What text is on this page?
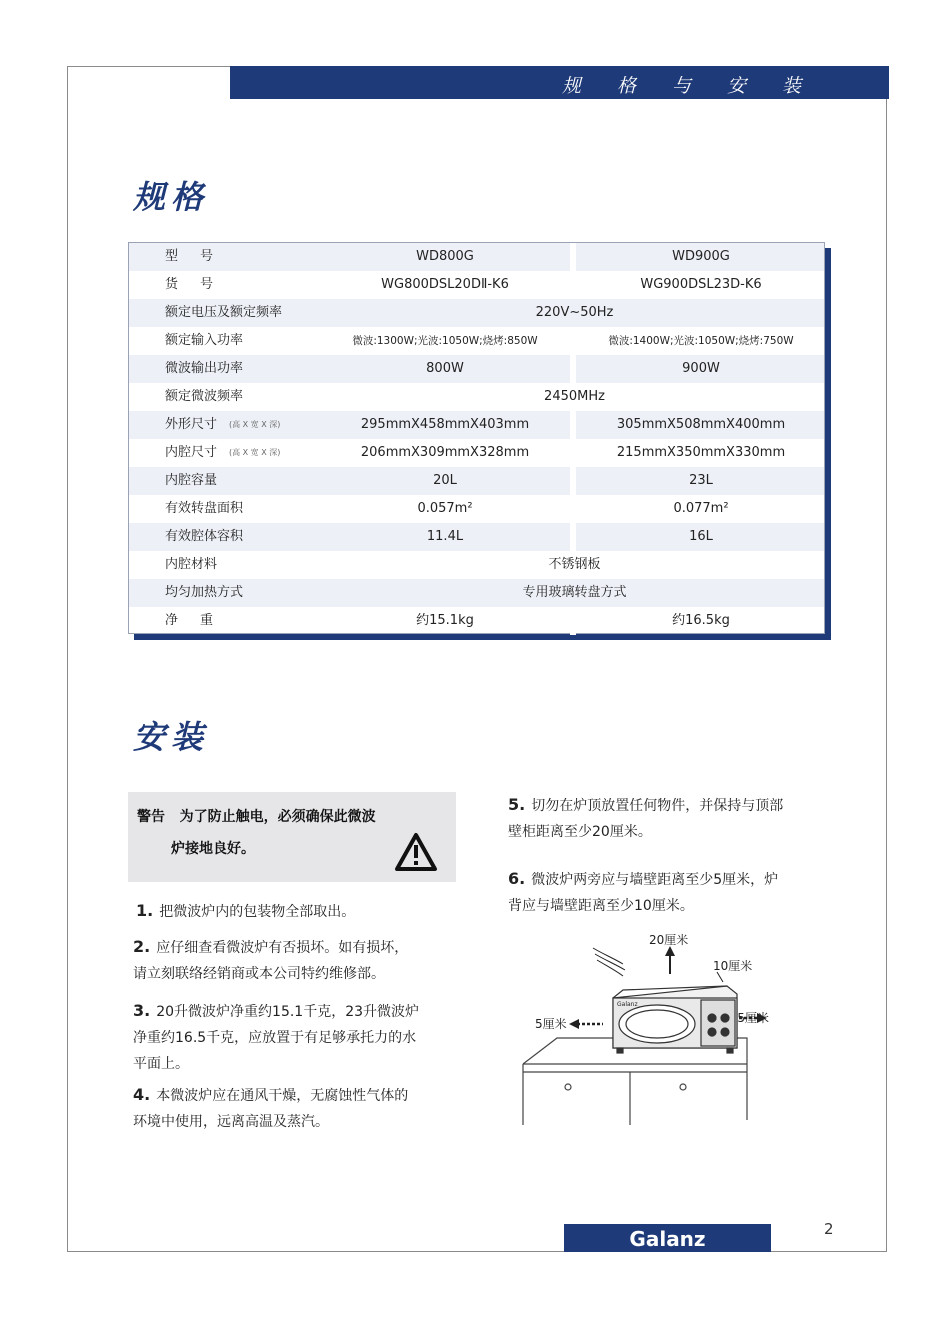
规格与安装
规格
型号	WD800G	WD900G
货号	WG800DSL20DⅡ-K6	WG900DSL23D-K6
额定电压及额定频率	220V~50Hz
额定输入功率	微波:1300W;光波:1050W;烧烤:850W	微波:1400W;光波:1050W;烧烤:750W
微波输出功率	800W	900W
额定微波频率	2450MHz
外形尺寸 (高 X 宽 X 深)	295mmX458mmX403mm	305mmX508mmX400mm
内腔尺寸 (高 X 宽 X 深)	206mmX309mmX328mm	215mmX350mmX330mm
内腔容量	20L	23L
有效转盘面积	0.057m²	0.077m²
有效腔体容积	11.4L	16L
内腔材料	不锈钢板
均匀加热方式	专用玻璃转盘方式
净重	约15.1kg	约16.5kg
安装
警告 为了防止触电，必须确保此微波
炉接地良好。
1. 把微波炉内的包装物全部取出。
2. 应仔细查看微波炉有否损坏。如有损坏，
请立刻联络经销商或本公司特约维修部。
3. 20升微波炉净重约15.1千克，23升微波炉
净重约16.5千克，应放置于有足够承托力的水
平面上。
4. 本微波炉应在通风干燥，无腐蚀性气体的
环境中使用，远离高温及蒸汽。
5. 切勿在炉顶放置任何物件，并保持与顶部
壁柜距离至少20厘米。
6. 微波炉两旁应与墙壁距离至少5厘米，炉
背应与墙壁距离至少10厘米。
Galanz
20厘米
10厘米
5厘米	5厘米
Galanz	2
